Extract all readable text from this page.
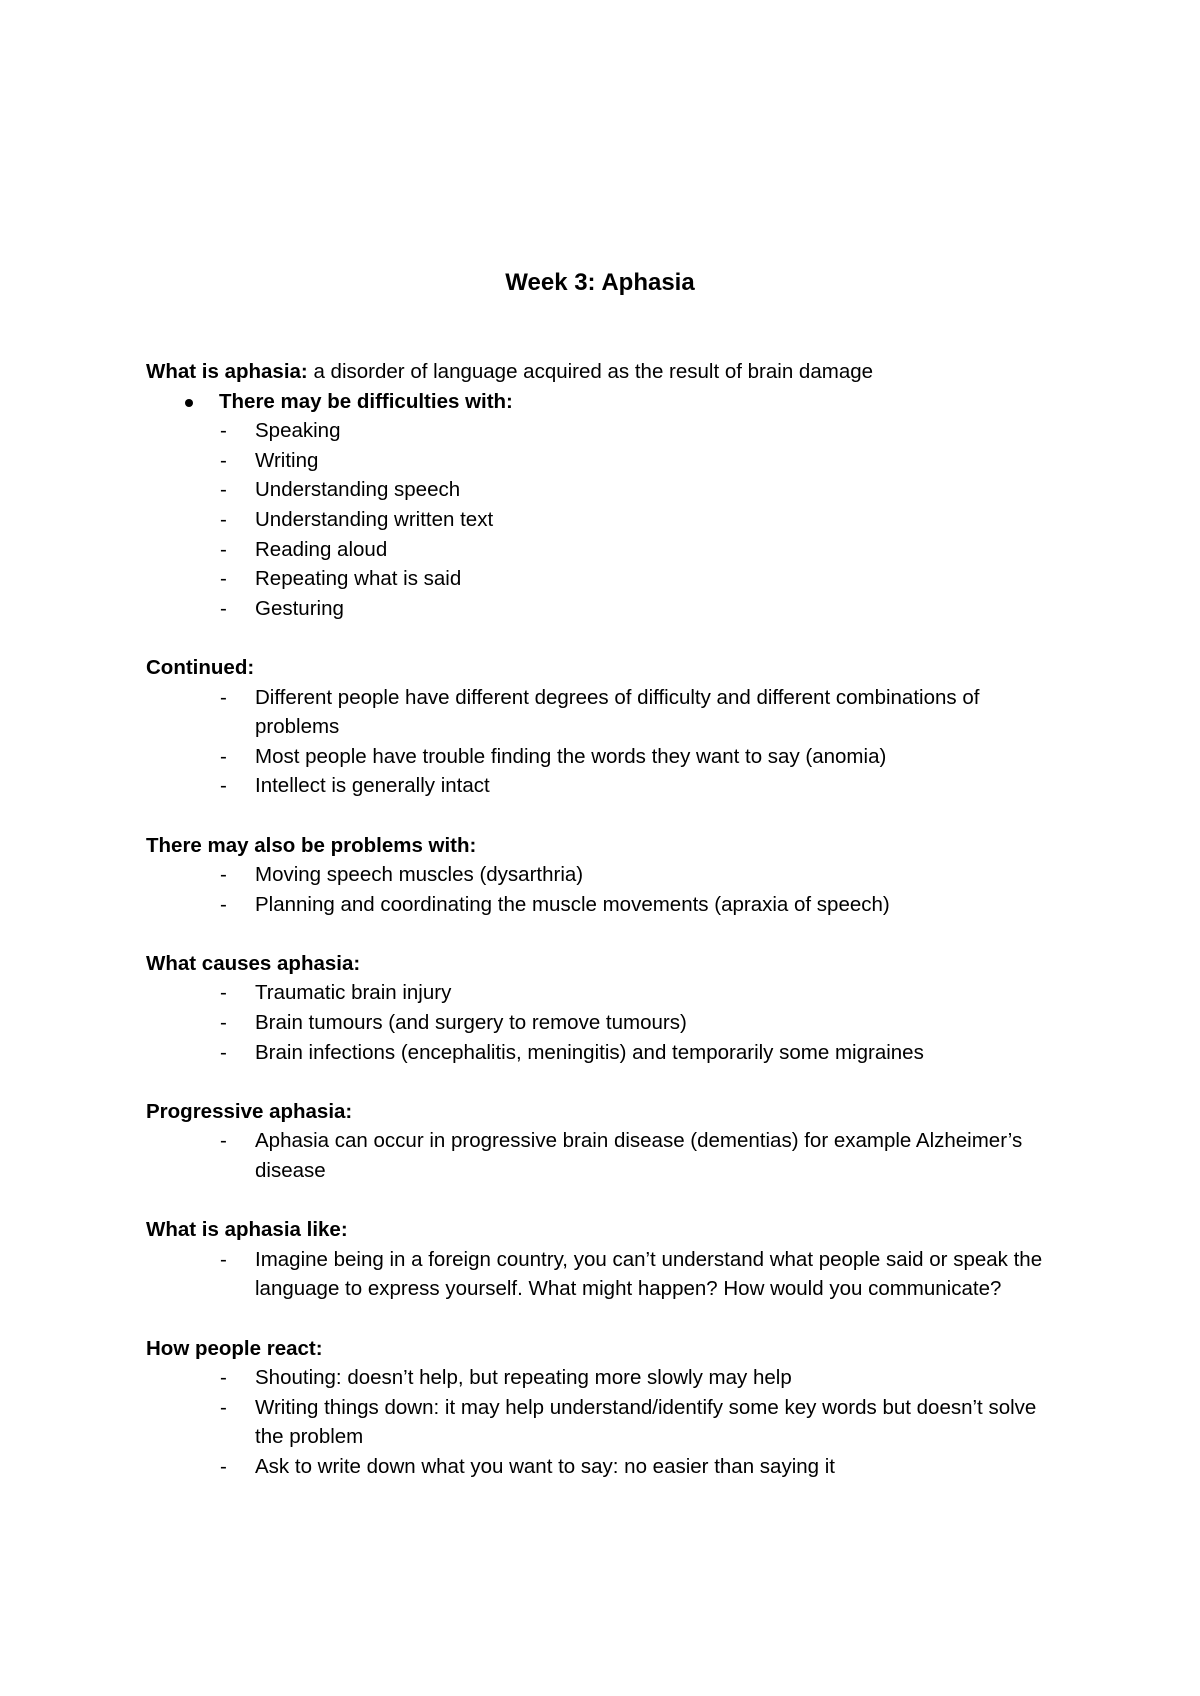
Week 3: Aphasia

What is aphasia: a disorder of language acquired as the result of brain damage

There may be difficulties with:
- Speaking
- Writing
- Understanding speech
- Understanding written text
- Reading aloud
- Repeating what is said
- Gesturing

Continued:

- Different people have different degrees of difficulty and different combinations of problems
- Most people have trouble finding the words they want to say (anomia)
- Intellect is generally intact

There may also be problems with:

- Moving speech muscles (dysarthria)
- Planning and coordinating the muscle movements (apraxia of speech)

What causes aphasia:

- Traumatic brain injury
- Brain tumours (and surgery to remove tumours)
- Brain infections (encephalitis, meningitis) and temporarily some migraines

Progressive aphasia:

- Aphasia can occur in progressive brain disease (dementias) for example Alzheimer’s disease

What is aphasia like:

- Imagine being in a foreign country, you can’t understand what people said or speak the language to express yourself. What might happen? How would you communicate?

How people react:

- Shouting: doesn’t help, but repeating more slowly may help
- Writing things down: it may help understand/identify some key words but doesn’t solve the problem
- Ask to write down what you want to say: no easier than saying it
